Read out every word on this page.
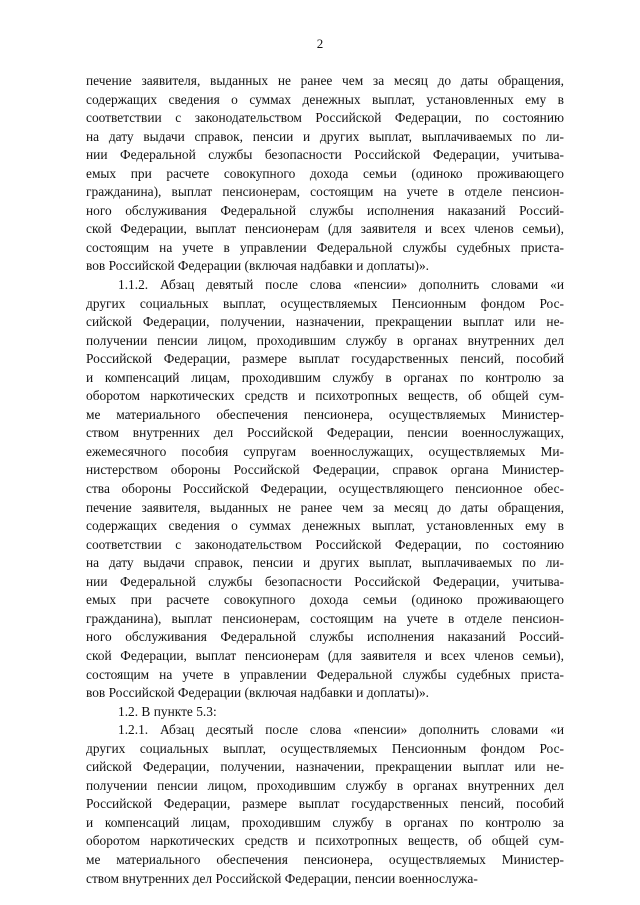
2
печение заявителя, выданных не ранее чем за месяц до даты обращения,
содержащих сведения о суммах денежных выплат, установленных ему в
соответствии с законодательством Российской Федерации, по состоянию
на дату выдачи справок, пенсии и других выплат, выплачиваемых по ли-
нии Федеральной службы безопасности Российской Федерации, учитыва-
емых при расчете совокупного дохода семьи (одиноко проживающего
гражданина), выплат пенсионерам, состоящим на учете в отделе пенсион-
ного обслуживания Федеральной службы исполнения наказаний Россий-
ской Федерации, выплат пенсионерам (для заявителя и всех членов семьи),
состоящим на учете в управлении Федеральной службы судебных приста-
вов Российской Федерации (включая надбавки и доплаты)».
1.1.2. Абзац девятый после слова «пенсии» дополнить словами «и
других социальных выплат, осуществляемых Пенсионным фондом Рос-
сийской Федерации, получении, назначении, прекращении выплат или не-
получении пенсии лицом, проходившим службу в органах внутренних дел
Российской Федерации, размере выплат государственных пенсий, пособий
и компенсаций лицам, проходившим службу в органах по контролю за
оборотом наркотических средств и психотропных веществ, об общей сум-
ме материального обеспечения пенсионера, осуществляемых Министер-
ством внутренних дел Российской Федерации, пенсии военнослужащих,
ежемесячного пособия супругам военнослужащих, осуществляемых Ми-
нистерством обороны Российской Федерации, справок органа Министер-
ства обороны Российской Федерации, осуществляющего пенсионное обес-
печение заявителя, выданных не ранее чем за месяц до даты обращения,
содержащих сведения о суммах денежных выплат, установленных ему в
соответствии с законодательством Российской Федерации, по состоянию
на дату выдачи справок, пенсии и других выплат, выплачиваемых по ли-
нии Федеральной службы безопасности Российской Федерации, учитыва-
емых при расчете совокупного дохода семьи (одиноко проживающего
гражданина), выплат пенсионерам, состоящим на учете в отделе пенсион-
ного обслуживания Федеральной службы исполнения наказаний Россий-
ской Федерации, выплат пенсионерам (для заявителя и всех членов семьи),
состоящим на учете в управлении Федеральной службы судебных приста-
вов Российской Федерации (включая надбавки и доплаты)».
1.2. В пункте 5.3:
1.2.1. Абзац десятый после слова «пенсии» дополнить словами «и
других социальных выплат, осуществляемых Пенсионным фондом Рос-
сийской Федерации, получении, назначении, прекращении выплат или не-
получении пенсии лицом, проходившим службу в органах внутренних дел
Российской Федерации, размере выплат государственных пенсий, пособий
и компенсаций лицам, проходившим службу в органах по контролю за
оборотом наркотических средств и психотропных веществ, об общей сум-
ме материального обеспечения пенсионера, осуществляемых Министер-
ством внутренних дел Российской Федерации, пенсии военнослужа-
